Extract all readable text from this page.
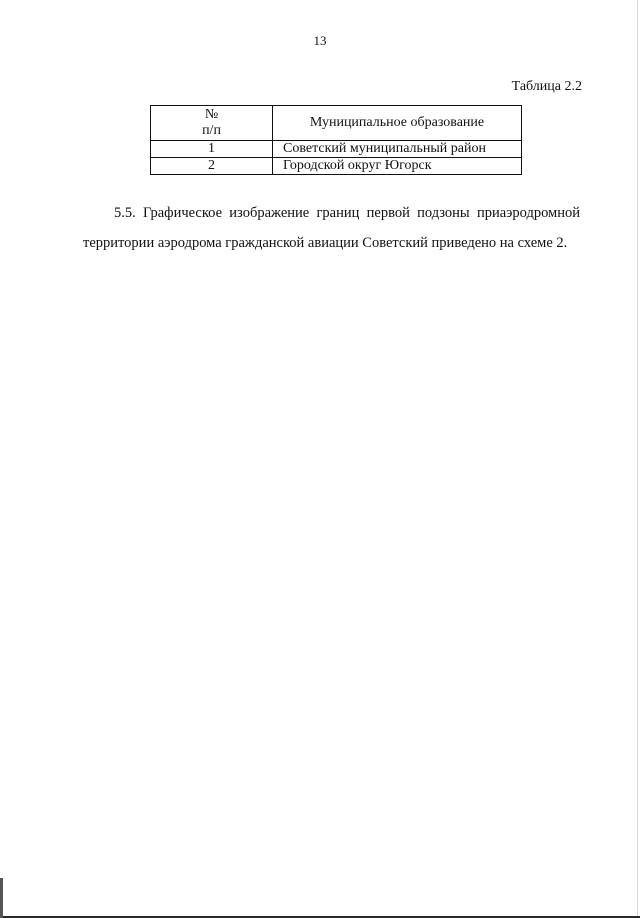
13
Таблица 2.2
№
п/п	Муниципальное образование
1	Советский муниципальный район
2	Городской округ Югорск

5.5. Графическое изображение границ первой подзоны приаэродромной территории аэродрома гражданской авиации Советский приведено на схеме 2.
